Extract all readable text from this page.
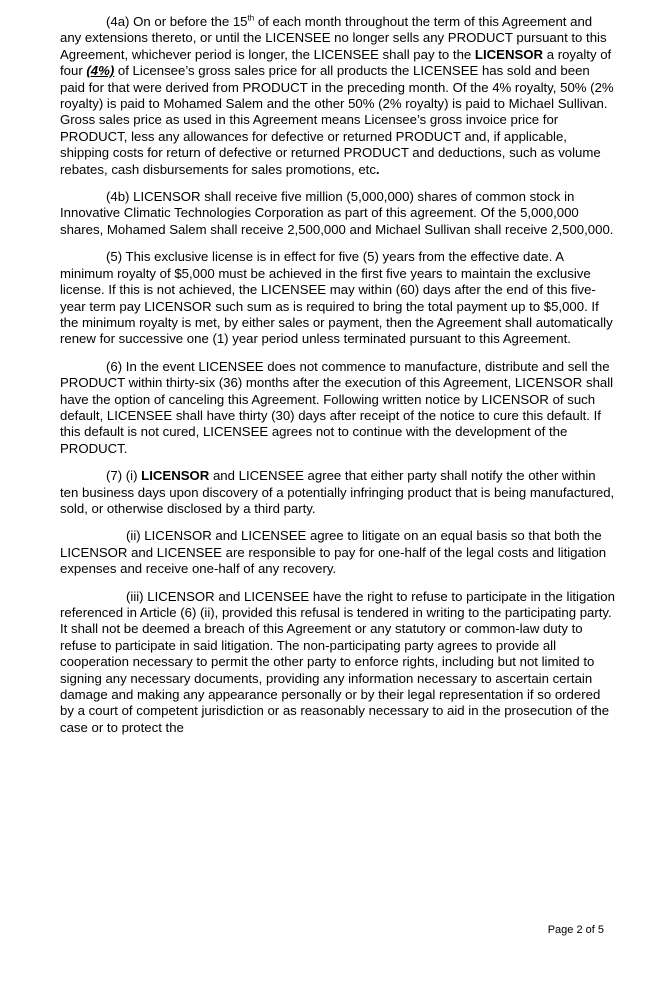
(4a) On or before the 15th of each month throughout the term of this Agreement and any extensions thereto, or until the LICENSEE no longer sells any PRODUCT pursuant to this Agreement, whichever period is longer, the LICENSEE shall pay to the LICENSOR a royalty of four (4%) of Licensee’s gross sales price for all products the LICENSEE has sold and been paid for that were derived from PRODUCT in the preceding month. Of the 4% royalty, 50% (2% royalty) is paid to Mohamed Salem and the other 50% (2% royalty) is paid to Michael Sullivan. Gross sales price as used in this Agreement means Licensee’s gross invoice price for PRODUCT, less any allowances for defective or returned PRODUCT and, if applicable, shipping costs for return of defective or returned PRODUCT and deductions, such as volume rebates, cash disbursements for sales promotions, etc.

(4b) LICENSOR shall receive five million (5,000,000) shares of common stock in Innovative Climatic Technologies Corporation as part of this agreement. Of the 5,000,000 shares, Mohamed Salem shall receive 2,500,000 and Michael Sullivan shall receive 2,500,000.

(5) This exclusive license is in effect for five (5) years from the effective date. A minimum royalty of $5,000 must be achieved in the first five years to maintain the exclusive license. If this is not achieved, the LICENSEE may within (60) days after the end of this five-year term pay LICENSOR such sum as is required to bring the total payment up to $5,000. If the minimum royalty is met, by either sales or payment, then the Agreement shall automatically renew for successive one (1) year period unless terminated pursuant to this Agreement.

(6) In the event LICENSEE does not commence to manufacture, distribute and sell the PRODUCT within thirty-six (36) months after the execution of this Agreement, LICENSOR shall have the option of canceling this Agreement. Following written notice by LICENSOR of such default, LICENSEE shall have thirty (30) days after receipt of the notice to cure this default. If this default is not cured, LICENSEE agrees not to continue with the development of the PRODUCT.

(7) (i) LICENSOR and LICENSEE agree that either party shall notify the other within ten business days upon discovery of a potentially infringing product that is being manufactured, sold, or otherwise disclosed by a third party.

(ii) LICENSOR and LICENSEE agree to litigate on an equal basis so that both the LICENSOR and LICENSEE are responsible to pay for one-half of the legal costs and litigation expenses and receive one-half of any recovery.

(iii) LICENSOR and LICENSEE have the right to refuse to participate in the litigation referenced in Article (6) (ii), provided this refusal is tendered in writing to the participating party. It shall not be deemed a breach of this Agreement or any statutory or common-law duty to refuse to participate in said litigation. The non-participating party agrees to provide all cooperation necessary to permit the other party to enforce rights, including but not limited to signing any necessary documents, providing any information necessary to ascertain certain damage and making any appearance personally or by their legal representation if so ordered by a court of competent jurisdiction or as reasonably necessary to aid in the prosecution of the case or to protect the

Page 2 of 5
